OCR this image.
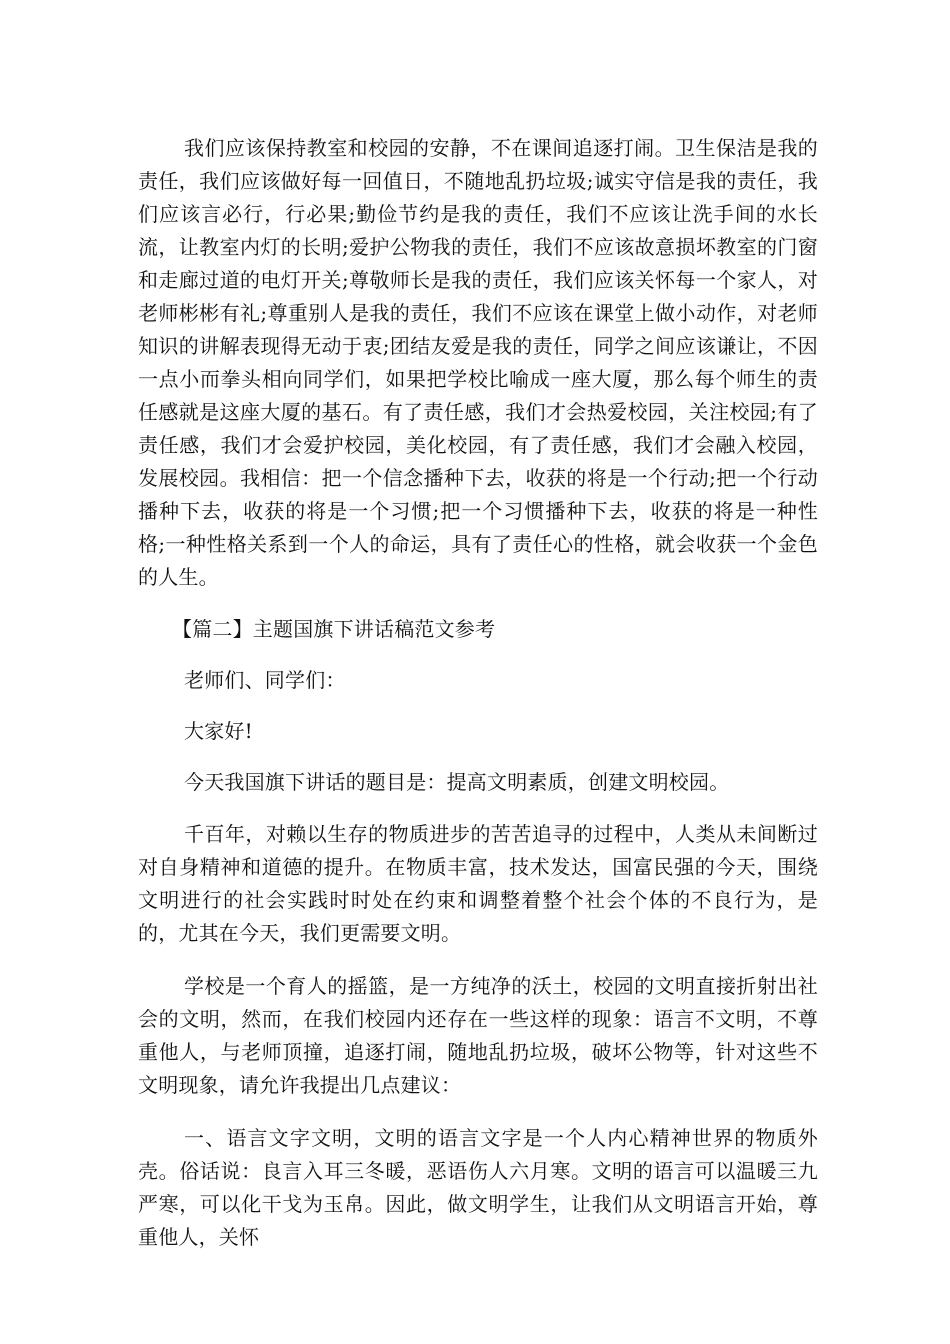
我们应该保持教室和校园的安静，不在课间追逐打闹。卫生保洁是我的责任，我们应该做好每一回值日，不随地乱扔垃圾;诚实守信是我的责任，我们应该言必行，行必果;勤俭节约是我的责任，我们不应该让洗手间的水长流，让教室内灯的长明;爱护公物我的责任，我们不应该故意损坏教室的门窗和走廊过道的电灯开关;尊敬师长是我的责任，我们应该关怀每一个家人，对老师彬彬有礼;尊重别人是我的责任，我们不应该在课堂上做小动作，对老师知识的讲解表现得无动于衷;团结友爱是我的责任，同学之间应该谦让，不因一点小而拳头相向同学们，如果把学校比喻成一座大厦，那么每个师生的责任感就是这座大厦的基石。有了责任感，我们才会热爱校园，关注校园;有了责任感，我们才会爱护校园，美化校园，有了责任感，我们才会融入校园，发展校园。我相信：把一个信念播种下去，收获的将是一个行动;把一个行动播种下去，收获的将是一个习惯;把一个习惯播种下去，收获的将是一种性格;一种性格关系到一个人的命运，具有了责任心的性格，就会收获一个金色的人生。

【篇二】主题国旗下讲话稿范文参考

老师们、同学们：

大家好!

今天我国旗下讲话的题目是：提高文明素质，创建文明校园。

千百年，对赖以生存的物质进步的苦苦追寻的过程中，人类从未间断过对自身精神和道德的提升。在物质丰富，技术发达，国富民强的今天，围绕文明进行的社会实践时时处在约束和调整着整个社会个体的不良行为，是的，尤其在今天，我们更需要文明。

学校是一个育人的摇篮，是一方纯净的沃土，校园的文明直接折射出社会的文明，然而，在我们校园内还存在一些这样的现象：语言不文明，不尊重他人，与老师顶撞，追逐打闹，随地乱扔垃圾，破坏公物等，针对这些不文明现象，请允许我提出几点建议：

一、语言文字文明，文明的语言文字是一个人内心精神世界的物质外壳。俗话说：良言入耳三冬暖，恶语伤人六月寒。文明的语言可以温暖三九严寒，可以化干戈为玉帛。因此，做文明学生，让我们从文明语言开始，尊重他人，关怀
